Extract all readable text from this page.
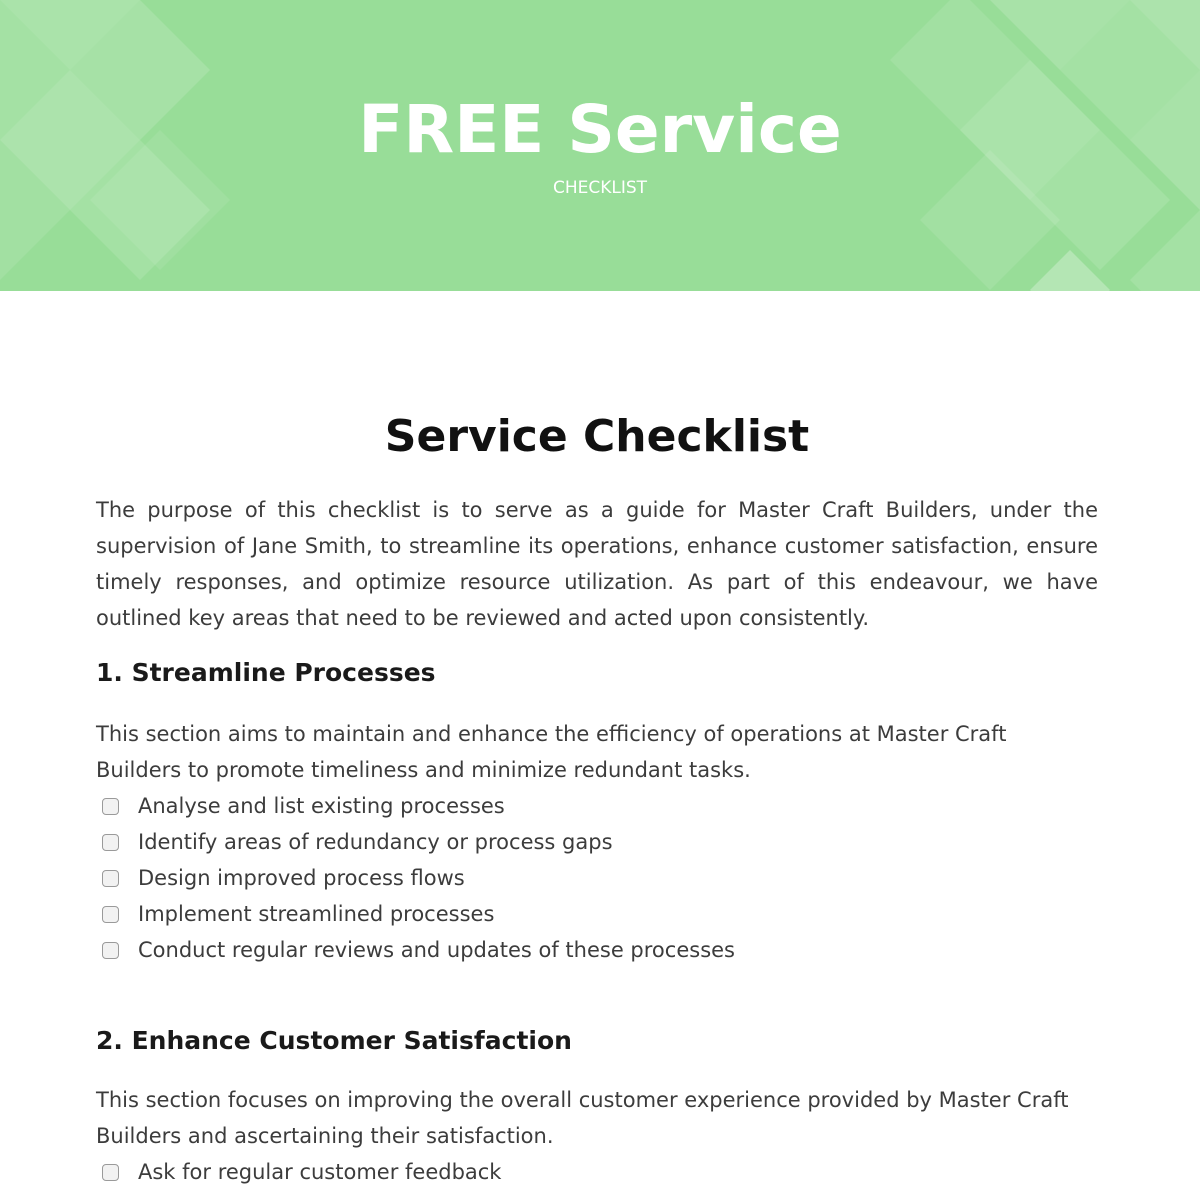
FREE Service
CHECKLIST
Service Checklist

The purpose of this checklist is to serve as a guide for Master Craft Builders, under the supervision of Jane Smith, to streamline its operations, enhance customer satisfaction, ensure timely responses, and optimize resource utilization. As part of this endeavour, we have outlined key areas that need to be reviewed and acted upon consistently.

1. Streamline Processes

This section aims to maintain and enhance the efficiency of operations at Master Craft Builders to promote timeliness and minimize redundant tasks.

Analyse and list existing processes
Identify areas of redundancy or process gaps
Design improved process flows
Implement streamlined processes
Conduct regular reviews and updates of these processes
2. Enhance Customer Satisfaction

This section focuses on improving the overall customer experience provided by Master Craft Builders and ascertaining their satisfaction.

Ask for regular customer feedback
